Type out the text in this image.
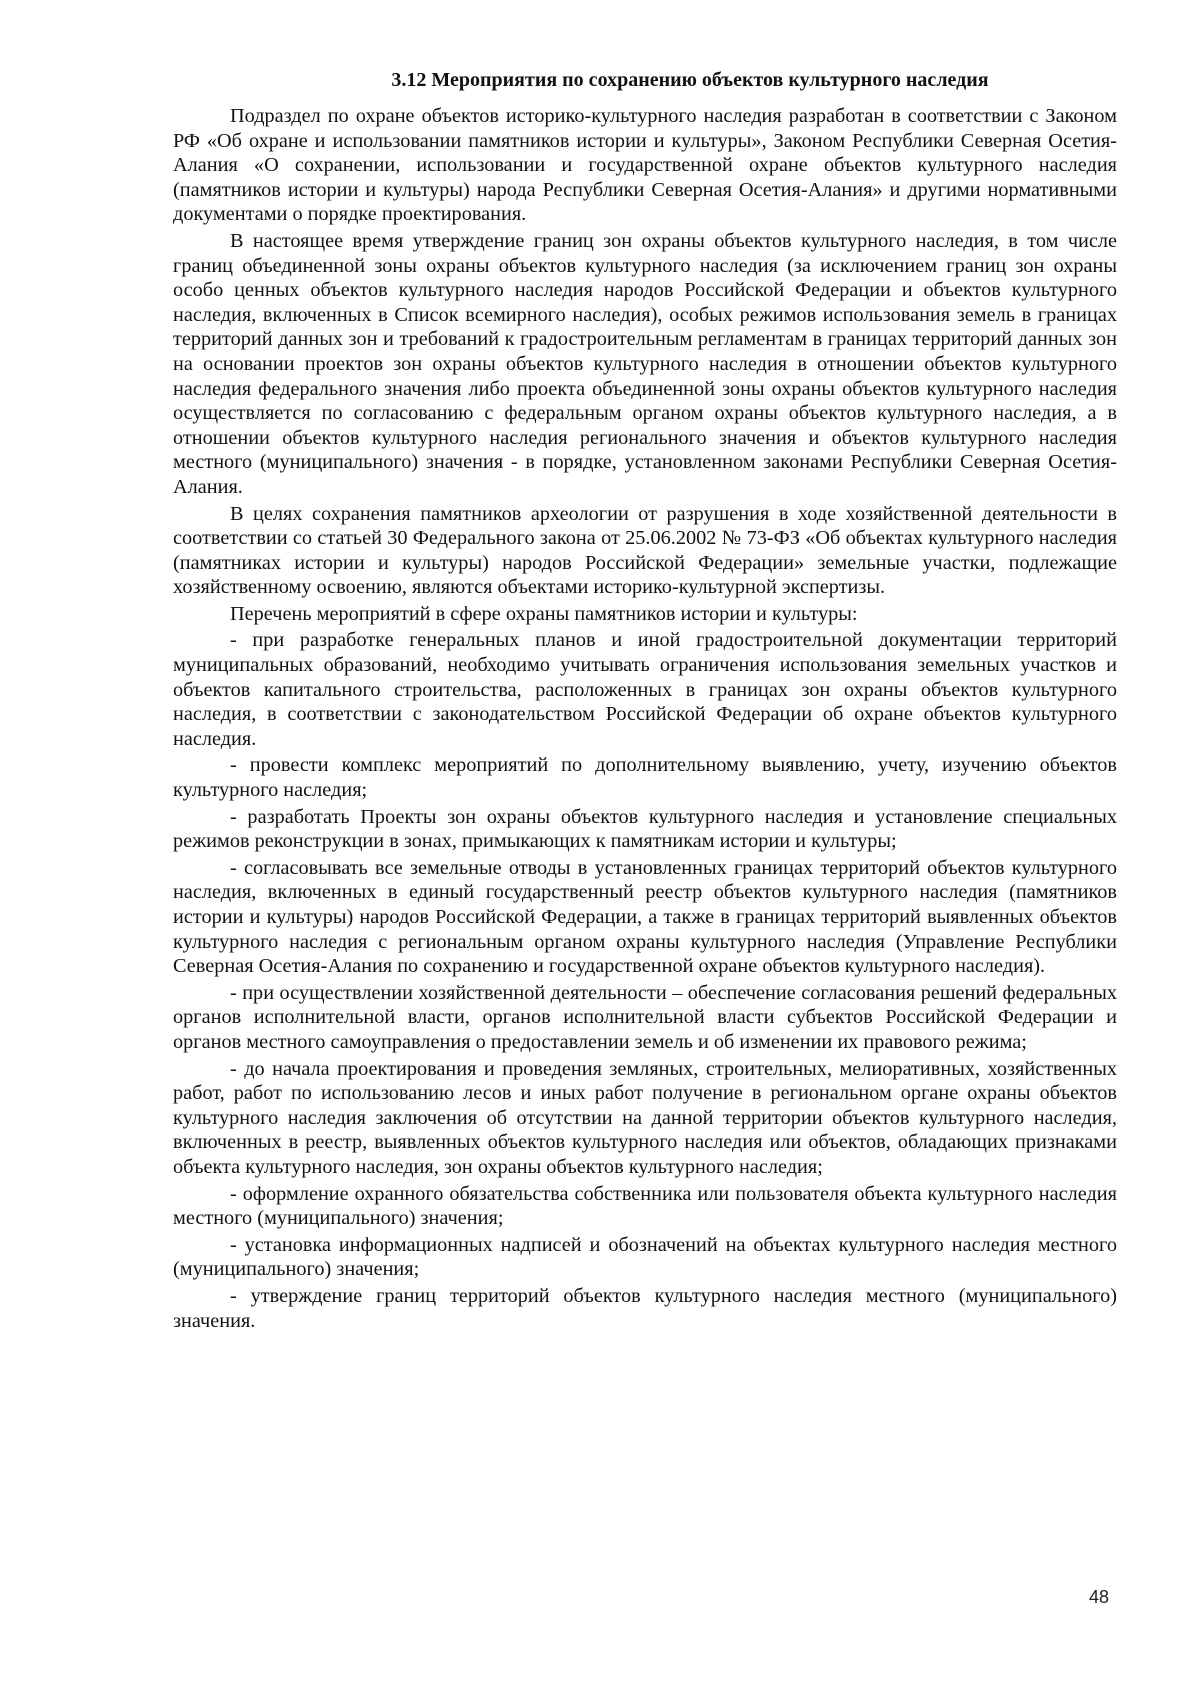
3.12 Мероприятия по сохранению объектов культурного наследия

Подраздел по охране объектов историко-культурного наследия разработан в соответствии с Законом РФ «Об охране и использовании памятников истории и культуры», Законом Республики Северная Осетия-Алания «О сохранении, использовании и государственной охране объектов культурного наследия (памятников истории и культуры) народа Республики Северная Осетия-Алания» и другими нормативными документами о порядке проектирования.

В настоящее время утверждение границ зон охраны объектов культурного наследия, в том числе границ объединенной зоны охраны объектов культурного наследия (за исключением границ зон охраны особо ценных объектов культурного наследия народов Российской Федерации и объектов культурного наследия, включенных в Список всемирного наследия), особых режимов использования земель в границах территорий данных зон и требований к градостроительным регламентам в границах территорий данных зон на основании проектов зон охраны объектов культурного наследия в отношении объектов культурного наследия федерального значения либо проекта объединенной зоны охраны объектов культурного наследия осуществляется по согласованию с федеральным органом охраны объектов культурного наследия, а в отношении объектов культурного наследия регионального значения и объектов культурного наследия местного (муниципального) значения - в порядке, установленном законами Республики Северная Осетия-Алания.

В целях сохранения памятников археологии от разрушения в ходе хозяйственной деятельности в соответствии со статьей 30 Федерального закона от 25.06.2002 № 73-ФЗ «Об объектах культурного наследия (памятниках истории и культуры) народов Российской Федерации» земельные участки, подлежащие хозяйственному освоению, являются объектами историко-культурной экспертизы.

Перечень мероприятий в сфере охраны памятников истории и культуры:

- при разработке генеральных планов и иной градостроительной документации территорий муниципальных образований, необходимо учитывать ограничения использования земельных участков и объектов капитального строительства, расположенных в границах зон охраны объектов культурного наследия, в соответствии с законодательством Российской Федерации об охране объектов культурного наследия.

- провести комплекс мероприятий по дополнительному выявлению, учету, изучению объектов культурного наследия;

- разработать Проекты зон охраны объектов культурного наследия и установление специальных режимов реконструкции в зонах, примыкающих к памятникам истории и культуры;

- согласовывать все земельные отводы в установленных границах территорий объектов культурного наследия, включенных в единый государственный реестр объектов культурного наследия (памятников истории и культуры) народов Российской Федерации, а также в границах территорий выявленных объектов культурного наследия с региональным органом охраны культурного наследия (Управление Республики Северная Осетия-Алания по сохранению и государственной охране объектов культурного наследия).

- при осуществлении хозяйственной деятельности – обеспечение согласования решений федеральных органов исполнительной власти, органов исполнительной власти субъектов Российской Федерации и органов местного самоуправления о предоставлении земель и об изменении их правового режима;

- до начала проектирования и проведения земляных, строительных, мелиоративных, хозяйственных работ, работ по использованию лесов и иных работ получение в региональном органе охраны объектов культурного наследия заключения об отсутствии на данной территории объектов культурного наследия, включенных в реестр, выявленных объектов культурного наследия или объектов, обладающих признаками объекта культурного наследия, зон охраны объектов культурного наследия;

- оформление охранного обязательства собственника или пользователя объекта культурного наследия местного (муниципального) значения;

- установка информационных надписей и обозначений на объектах культурного наследия местного (муниципального) значения;

- утверждение границ территорий объектов культурного наследия местного (муниципального) значения.

48
